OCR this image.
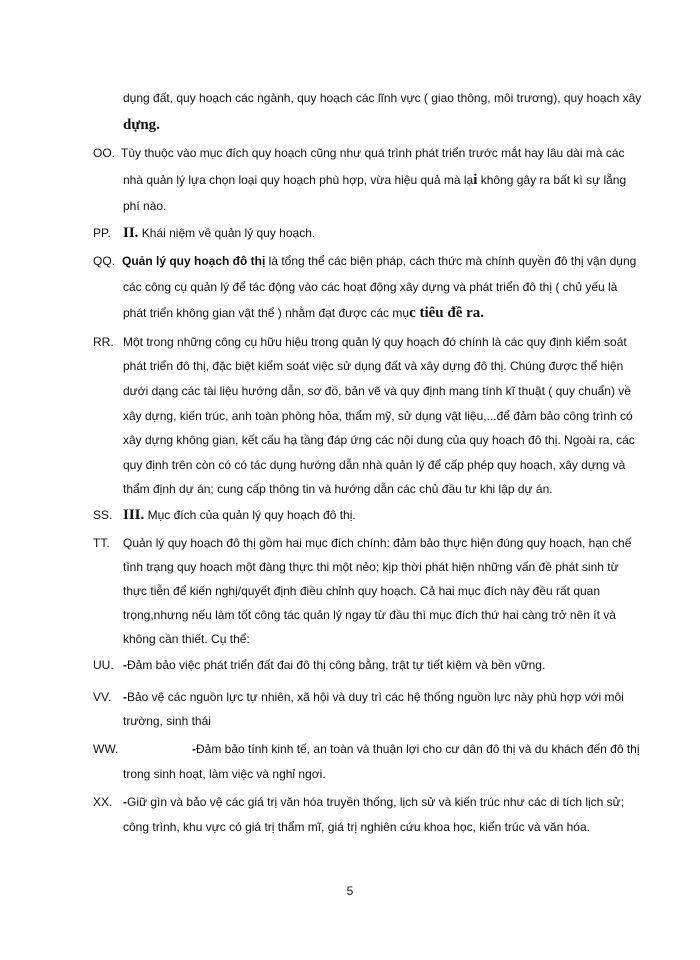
dụng đất, quy hoạch các ngành, quy hoạch các lĩnh vực ( giao thông, môi trương), quy hoạch xây
dựng.
OO. Tùy thuộc vào mục đích quy hoạch cũng như quá trình phát triển trước mắt hay lâu dài mà các
nhà quản lý lựa chọn loại quy hoạch phù hợp, vừa hiệu quả mà lại không gây ra bất kì sự lẵng
phí nào.
PP. II. Khái niệm về quản lý quy hoạch.
QQ. Quản lý quy hoạch đô thị là tổng thể các biện pháp, cách thức mà chính quyền đô thị vận dụng
các công cụ quản lý để tác động vào các hoạt động xây dựng và phát triển đô thị ( chủ yếu là
phát triển không gian vật thể ) nhằm đạt được các mục tiêu đề ra.
RR. Một trong những công cụ hữu hiệu trong quản lý quy hoạch đó chính là các quy định kiểm soát
phát triển đô thị, đặc biệt kiểm soát việc sử dụng đất và xây dựng đô thị. Chúng được thể hiện
dưới dạng các tài liệu hướng dẫn, sơ đồ, bản vẽ và quy định mang tính kĩ thuật ( quy chuẩn) về
xây dựng, kiến trúc, anh toàn phòng hỏa, thẩm mỹ, sử dụng vật liệu,...để đảm bảo công trình có
xây dựng không gian, kết cấu hạ tầng đáp ứng các nội dung của quy hoạch đô thị. Ngoài ra, các
quy định trên còn có có tác dụng hướng dẫn nhà quản lý để cấp phép quy hoạch, xây dựng và
thẩm định dự án; cung cấp thông tin và hướng dẫn các chủ đầu tư khi lập dự án.
SS. III. Mục đích của quản lý quy hoạch đô thị.
TT. Quản lý quy hoạch đô thị gồm hai mục đích chính: đảm bảo thực hiện đúng quy hoạch, hạn chế
tình trạng quy hoạch một đàng thực thi một nẻo; kịp thời phát hiện những vấn đề phát sinh từ
thực tiễn để kiến nghị/quyết định điều chỉnh quy hoạch. Cả hai mục đích này đều rất quan
trọng,nhưng nếu làm tốt công tác quản lý ngay từ đầu thì mục đích thứ hai càng trở nên ít và
không cần thiết. Cụ thể:
UU. -Đảm bảo việc phát triển đất đai đô thị công bằng, trật tự tiết kiệm và bền vững.
VV. -Bảo vệ các nguồn lực tự nhiên, xã hội và duy trì các hệ thống nguồn lực này phù hợp với môi
trường, sinh thái
WW.	-Đảm bảo tính kinh tế, an toàn và thuận lợi cho cư dân đô thị và du khách đến đô thị
trong sinh hoạt, làm việc và nghỉ ngơi.
XX. -Giữ gìn và bảo vệ các giá trị văn hóa truyền thống, lịch sử và kiến trúc như các di tích lịch sử;
công trình, khu vực có giá trị thẩm mĩ, giá trị nghiên cứu khoa học, kiến trúc và văn hóa.
5
